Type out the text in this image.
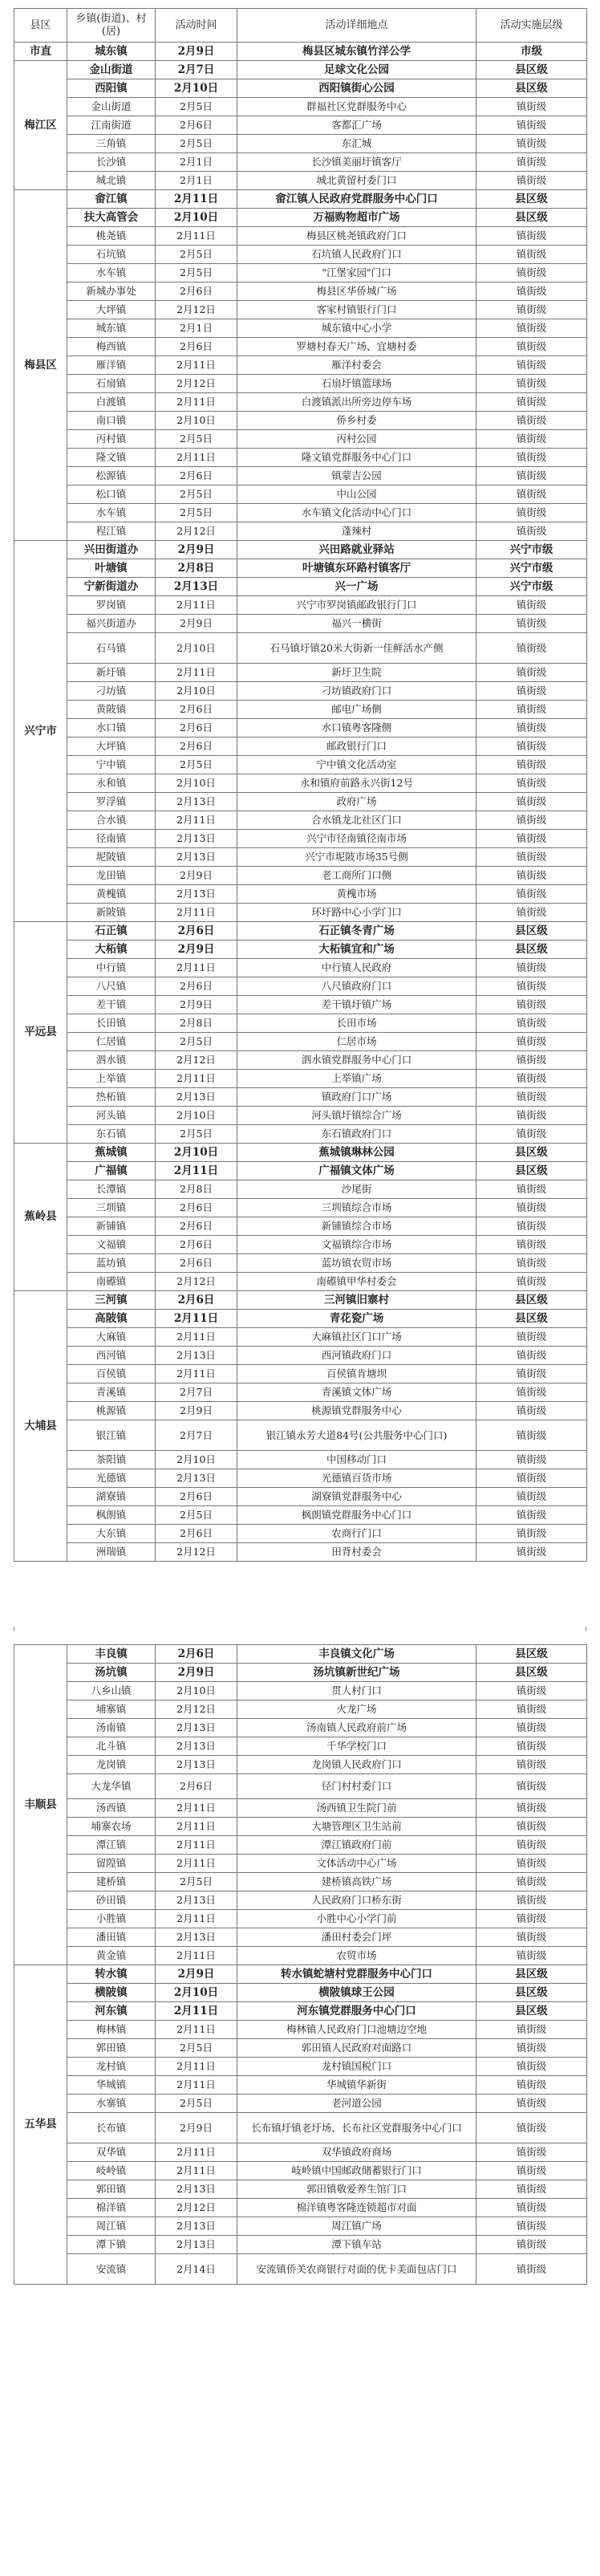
县区	乡镇(街道)、村(居)	活动时间	活动详细地点	活动实施层级
市直	城东镇	2月9日	梅县区城东镇竹洋公学	市级
梅江区	金山街道	2月7日	足球文化公园	县区级
	西阳镇	2月10日	西阳镇街心公园	县区级
	金山街道	2月5日	群福社区党群服务中心	镇街级
	江南街道	2月6日	客都汇广场	镇街级
	三角镇	2月5日	东汇城	镇街级
	长沙镇	2月1日	长沙镇美丽圩镇客厅	镇街级
	城北镇	2月1日	城北黄留村委门口	镇街级
梅县区	畲江镇	2月11日	畲江镇人民政府党群服务中心门口	县区级
	扶大高管会	2月10日	万福购物超市广场	县区级
	桃尧镇	2月11日	梅县区桃尧镇政府门口	镇街级
	石坑镇	2月5日	石坑镇人民政府门口	镇街级
	水车镇	2月5日	"江堡家园"门口	镇街级
	新城办事处	2月6日	梅县区华侨城广场	镇街级
	大坪镇	2月12日	客家村镇银行门口	镇街级
	城东镇	2月1日	城东镇中心小学	镇街级
	梅西镇	2月6日	罗塘村春天广场、宜塘村委	镇街级
	雁洋镇	2月11日	雁洋村委会	镇街级
	石扇镇	2月12日	石扇圩镇篮球场	镇街级
	白渡镇	2月11日	白渡镇派出所旁边停车场	镇街级
	南口镇	2月10日	侨乡村委	镇街级
	丙村镇	2月5日	丙村公园	镇街级
	隆文镇	2月11日	隆文镇党群服务中心门口	镇街级
	松源镇	2月6日	镇蒙吉公园	镇街级
	松口镇	2月5日	中山公园	镇街级
	水车镇	2月5日	水车镇文化活动中心门口	镇街级
	程江镇	2月12日	蓬辣村	镇街级
兴宁市	兴田街道办	2月9日	兴田路就业驿站	兴宁市级
	叶塘镇	2月8日	叶塘镇东环路村镇客厅	兴宁市级
	宁新街道办	2月13日	兴一广场	兴宁市级
	罗岗镇	2月11日	兴宁市罗岗镇邮政银行门口	镇街级
	福兴街道办	2月9日	福兴一横街	镇街级
	石马镇	2月10日	石马镇圩镇20米大街新一佳鲜活水产侧	镇街级
	新圩镇	2月11日	新圩卫生院	镇街级
	刁坊镇	2月10日	刁坊镇政府门口	镇街级
	黄陂镇	2月6日	邮电广场侧	镇街级
	水口镇	2月6日	水口镇粤客隆侧	镇街级
	大坪镇	2月6日	邮政银行门口	镇街级
	宁中镇	2月5日	宁中镇文化活动室	镇街级
	永和镇	2月10日	永和镇府前路永兴街12号	镇街级
	罗浮镇	2月13日	政府广场	镇街级
	合水镇	2月11日	合水镇龙北社区门口	镇街级
	径南镇	2月13日	兴宁市径南镇径南市场	镇街级
	坭陂镇	2月13日	兴宁市坭陂市场35号侧	镇街级
	龙田镇	2月9日	老工商所门口侧	镇街级
	黄槐镇	2月13日	黄槐市场	镇街级
	新陂镇	2月11日	环圩路中心小学门口	镇街级
平远县	石正镇	2月6日	石正镇冬青广场	县区级
	大柘镇	2月9日	大柘镇宜和广场	县区级
	中行镇	2月11日	中行镇人民政府	镇街级
	八尺镇	2月6日	八尺镇政府门口	镇街级
	差干镇	2月9日	差干镇圩镇广场	镇街级
	长田镇	2月8日	长田市场	镇街级
	仁居镇	2月5日	仁居市场	镇街级
	泗水镇	2月12日	泗水镇党群服务中心门口	镇街级
	上举镇	2月11日	上举镇广场	镇街级
	热柘镇	2月13日	镇政府门口广场	镇街级
	河头镇	2月10日	河头镇圩镇综合广场	镇街级
	东石镇	2月5日	东石镇政府门口	镇街级
蕉岭县	蕉城镇	2月10日	蕉城镇琳林公园	县区级
	广福镇	2月11日	广福镇文体广场	县区级
	长潭镇	2月8日	沙尾街	镇街级
	三圳镇	2月6日	三圳镇综合市场	镇街级
	新铺镇	2月6日	新铺镇综合市场	镇街级
	文福镇	2月6日	文福镇综合市场	镇街级
	蓝坊镇	2月6日	蓝坊镇农贸市场	镇街级
	南礤镇	2月12日	南礤镇甲华村委会	镇街级
大埔县	三河镇	2月6日	三河镇旧寨村	县区级
	高陂镇	2月11日	青花瓷广场	县区级
	大麻镇	2月11日	大麻镇社区门口广场	镇街级
	西河镇	2月13日	西河镇政府门口	镇街级
	百侯镇	2月11日	百侯镇肯塘坝	镇街级
	青溪镇	2月7日	青溪镇文体广场	镇街级
	桃源镇	2月9日	桃源镇党群服务中心	镇街级
	银江镇	2月7日	银江镇永芳大道84号(公共服务中心门口)	镇街级
	茶阳镇	2月10日	中国移动门口	镇街级
	光德镇	2月13日	光德镇百货市场	镇街级
	湖寮镇	2月6日	湖寮镇党群服务中心	镇街级
	枫朗镇	2月5日	枫朗镇党群服务中心门口	镇街级
	大东镇	2月6日	农商行门口	镇街级
	洲瑞镇	2月12日	田背村委会	镇街级
丰顺县	丰良镇	2月6日	丰良镇文化广场	县区级
	汤坑镇	2月9日	汤坑镇新世纪广场	县区级
	八乡山镇	2月10日	贯人村门口	镇街级
	埔寨镇	2月12日	火龙广场	镇街级
	汤南镇	2月13日	汤南镇人民政府前广场	镇街级
	北斗镇	2月13日	千华学校门口	镇街级
	龙岗镇	2月13日	龙岗镇人民政府门口	镇街级
	大龙华镇	2月6日	径门村村委门口	镇街级
	汤西镇	2月11日	汤西镇卫生院门前	镇街级
	埔寨农场	2月11日	大塘管理区卫生站前	镇街级
	潭江镇	2月11日	潭江镇政府门前	镇街级
	留隍镇	2月11日	文体活动中心广场	镇街级
	建桥镇	2月5日	建桥镇高铁广场	镇街级
	砂田镇	2月13日	人民政府门口桥东街	镇街级
	小胜镇	2月11日	小胜中心小学门前	镇街级
	潘田镇	2月13日	潘田村委会门坪	镇街级
	黄金镇	2月11日	农贸市场	镇街级
五华县	转水镇	2月9日	转水镇蛇塘村党群服务中心门口	县区级
	横陂镇	2月10日	横陂镇球王公园	县区级
	河东镇	2月11日	河东镇党群服务中心门口	县区级
	梅林镇	2月11日	梅林镇人民政府门口池塘边空地	镇街级
	郭田镇	2月5日	郭田镇人民政府对面路口	镇街级
	龙村镇	2月11日	龙村镇国税门口	镇街级
	华城镇	2月11日	华城镇华新街	镇街级
	水寨镇	2月5日	老河道公园	镇街级
	长布镇	2月9日	长布镇圩镇老圩场、长布社区党群服务中心门口	镇街级
	双华镇	2月11日	双华镇政府商场	镇街级
	岐岭镇	2月11日	岐岭镇中国邮政储蓄银行门口	镇街级
	郭田镇	2月13日	郭田镇敬爱养生馆门口	镇街级
	棉洋镇	2月12日	棉洋镇粤客隆连锁超市对面	镇街级
	周江镇	2月13日	周江镇广场	镇街级
	潭下镇	2月13日	潭下镇车站	镇街级
	安流镇	2月14日	安流镇侨关农商银行对面的优卡美面包店门口	镇街级
